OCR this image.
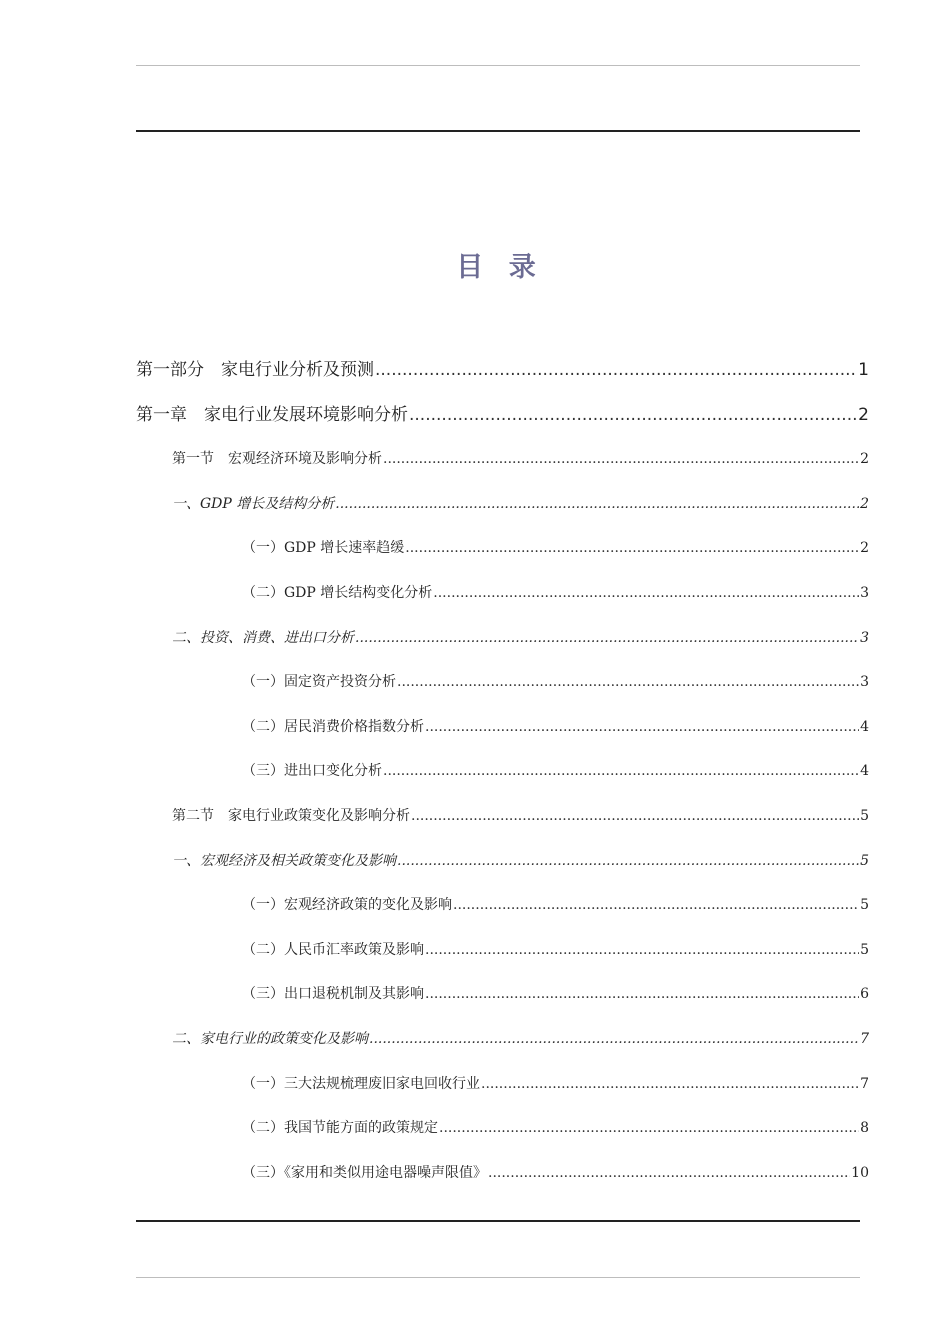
目 录
第一部分　家电行业分析及预测 .....	1
第一章　家电行业发展环境影响分析 .....	2
第一节　宏观经济环境及影响分析 .....	2
一、GDP 增长及结构分析 .....	2
（一）GDP 增长速率趋缓 .....	2
（二）GDP 增长结构变化分析 .....	3
二、投资、消费、进出口分析 .....	3
（一）固定资产投资分析 .....	3
（二）居民消费价格指数分析 .....	4
（三）进出口变化分析 .....	4
第二节　家电行业政策变化及影响分析 .....	5
一、宏观经济及相关政策变化及影响 .....	5
（一）宏观经济政策的变化及影响 .....	5
（二）人民币汇率政策及影响 .....	5
（三）出口退税机制及其影响 .....	6
二、家电行业的政策变化及影响 .....	7
（一）三大法规梳理废旧家电回收行业 .....	7
（二）我国节能方面的政策规定 .....	8
（三）《家用和类似用途电器噪声限值》 .....	10
